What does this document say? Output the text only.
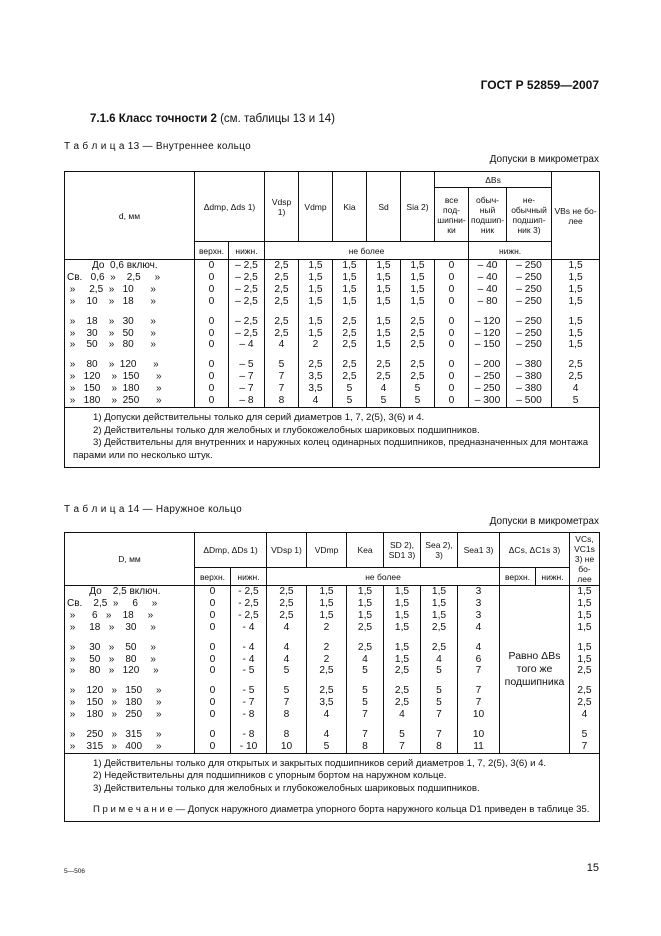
ГОСТ Р 52859—2007
7.1.6 Класс точности 2 (см. таблицы 13 и 14)
Т а б л и ц а 13 — Внутреннее кольцо
Допуски в микрометрах
d, мм	Δdmp, Δds 1)		Vdsp 1)	Vdmp	Kia	Sd	Sia 2)	ΔBs			VBs не бо-лее
								все под-шипни-ки	обыч-ный подшип-ник	не-обычный подшип-ник 3)	
	верхн.	нижн.	не более						нижн.		
До  0,6 включ.	0	– 2,5	2,5	1,5	1,5	1,5	1,5	0	– 40	– 250	1,5
Св.   0,6  »    2,5     »	0	– 2,5	2,5	1,5	1,5	1,5	1,5	0	– 40	– 250	1,5
»     2,5  »   10      »	0	– 2,5	2,5	1,5	1,5	1,5	1,5	0	– 40	– 250	1,5
»    10    »   18      »	0	– 2,5	2,5	1,5	1,5	1,5	1,5	0	– 80	– 250	1,5

»    18    »   30      »	0	– 2,5	2,5	1,5	2,5	1,5	2,5	0	– 120	– 250	1,5
»    30    »   50      »	0	– 2,5	2,5	1,5	2,5	1,5	2,5	0	– 120	– 250	1,5
»    50    »   80      »	0	– 4	4	2	2,5	1,5	2,5	0	– 150	– 250	1,5

»    80    »  120      »	0	– 5	5	2,5	2,5	2,5	2,5	0	– 200	– 380	2,5
»   120    »  150      »	0	– 7	7	3,5	2,5	2,5	2,5	0	– 250	– 380	2,5
»   150    »  180      »	0	– 7	7	3,5	5	4	5	0	– 250	– 380	4
»   180    »  250      »	0	– 8	8	4	5	5	5	0	– 300	– 500	5

1) Допуски действительны только для серий диаметров 1, 7, 2(5), 3(6) и 4.
2) Действительны только для желобных и глубокожелобных шариковых подшипников.
3) Действительны для внутренних и наружных колец одинарных подшипников, предназначенных для монтажа парами или по несколько штук.											
Т а б л и ц а 14 — Наружное кольцо
Допуски в микрометрах
D, мм	ΔDmp, ΔDs 1)		VDsp 1)	VDmp	Kea	SD 2), SD1 3)	Sea 2), 3)	Sea1 3)	ΔCs, ΔC1s 3)		VCs, VC1s 3) не бо-лее
	верхн.	нижн.	не более						верхн.	нижн.	
До    2,5 включ.	0	- 2,5	2,5	1,5	1,5	1,5	1,5	3	Равно ΔBs того же подшипника		1,5
Св.    2,5  »     6     »	0	- 2,5	2,5	1,5	1,5	1,5	1,5	3			1,5
»      6   »    18     »	0	- 2,5	2,5	1,5	1,5	1,5	1,5	3			1,5
»     18   »    30     »	0	- 4	4	2	2,5	1,5	2,5	4			1,5

»     30   »    50     »	0	- 4	4	2	2,5	1,5	2,5	4			1,5
»     50   »    80     »	0	- 4	4	2	4	1,5	4	6			1,5
»     80   »   120     »	0	- 5	5	2,5	5	2,5	5	7			2,5

»    120   »   150     »	0	- 5	5	2,5	5	2,5	5	7			2,5
»    150   »   180     »	0	- 7	7	3,5	5	2,5	5	7			2,5
»    180   »   250     »	0	- 8	8	4	7	4	7	10			4

»    250   »   315     »	0	- 8	8	4	7	5	7	10			5
»    315   »   400     »	0	- 10	10	5	8	7	8	11			7

1) Действительны только для открытых и закрытых подшипников серий диаметров 1, 7, 2(5), 3(6) и 4.
2) Недействительны для подшипников с упорным бортом на наружном кольце.
3) Действительны только для желобных и глубокожелобных шариковых подшипников.
П р и м е ч а н и е — Допуск наружного диаметра упорного борта наружного кольца D1 приведен в таблице 35.											
5—506	15
